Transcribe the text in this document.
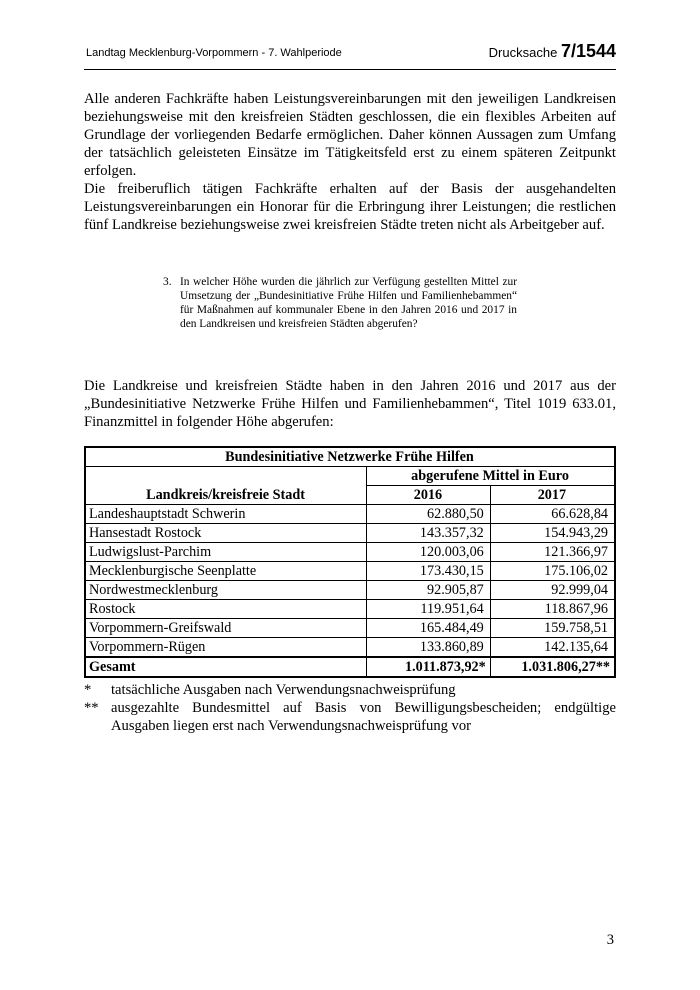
Landtag Mecklenburg-Vorpommern - 7. Wahlperiode	Drucksache 7/1544

Alle anderen Fachkräfte haben Leistungsvereinbarungen mit den jeweiligen Landkreisen beziehungsweise mit den kreisfreien Städten geschlossen, die ein flexibles Arbeiten auf Grundlage der vorliegenden Bedarfe ermöglichen. Daher können Aussagen zum Umfang der tatsächlich geleisteten Einsätze im Tätigkeitsfeld erst zu einem späteren Zeitpunkt erfolgen.

Die freiberuflich tätigen Fachkräfte erhalten auf der Basis der ausgehandelten Leistungsvereinbarungen ein Honorar für die Erbringung ihrer Leistungen; die restlichen fünf Landkreise beziehungsweise zwei kreisfreien Städte treten nicht als Arbeitgeber auf.

3. In welcher Höhe wurden die jährlich zur Verfügung gestellten Mittel zur Umsetzung der „Bundesinitiative Frühe Hilfen und Familienhebammen“ für Maßnahmen auf kommunaler Ebene in den Jahren 2016 und 2017 in den Landkreisen und kreisfreien Städten abgerufen?

Die Landkreise und kreisfreien Städte haben in den Jahren 2016 und 2017 aus der „Bundesinitiative Netzwerke Frühe Hilfen und Familienhebammen“, Titel 1019 633.01, Finanzmittel in folgender Höhe abgerufen:

Bundesinitiative Netzwerke Frühe Hilfen		
Landkreis/kreisfreie Stadt	abgerufene Mittel in Euro	
	2016	2017
Landeshauptstadt Schwerin	62.880,50	66.628,84
Hansestadt Rostock	143.357,32	154.943,29
Ludwigslust-Parchim	120.003,06	121.366,97
Mecklenburgische Seenplatte	173.430,15	175.106,02
Nordwestmecklenburg	92.905,87	92.999,04
Rostock	119.951,64	118.867,96
Vorpommern-Greifswald	165.484,49	159.758,51
Vorpommern-Rügen	133.860,89	142.135,64
Gesamt	1.011.873,92*	1.031.806,27**
*	tatsächliche Ausgaben nach Verwendungsnachweisprüfung
** ausgezahlte Bundesmittel auf Basis von Bewilligungsbescheiden; endgültige Ausgaben liegen erst nach Verwendungsnachweisprüfung vor
3
